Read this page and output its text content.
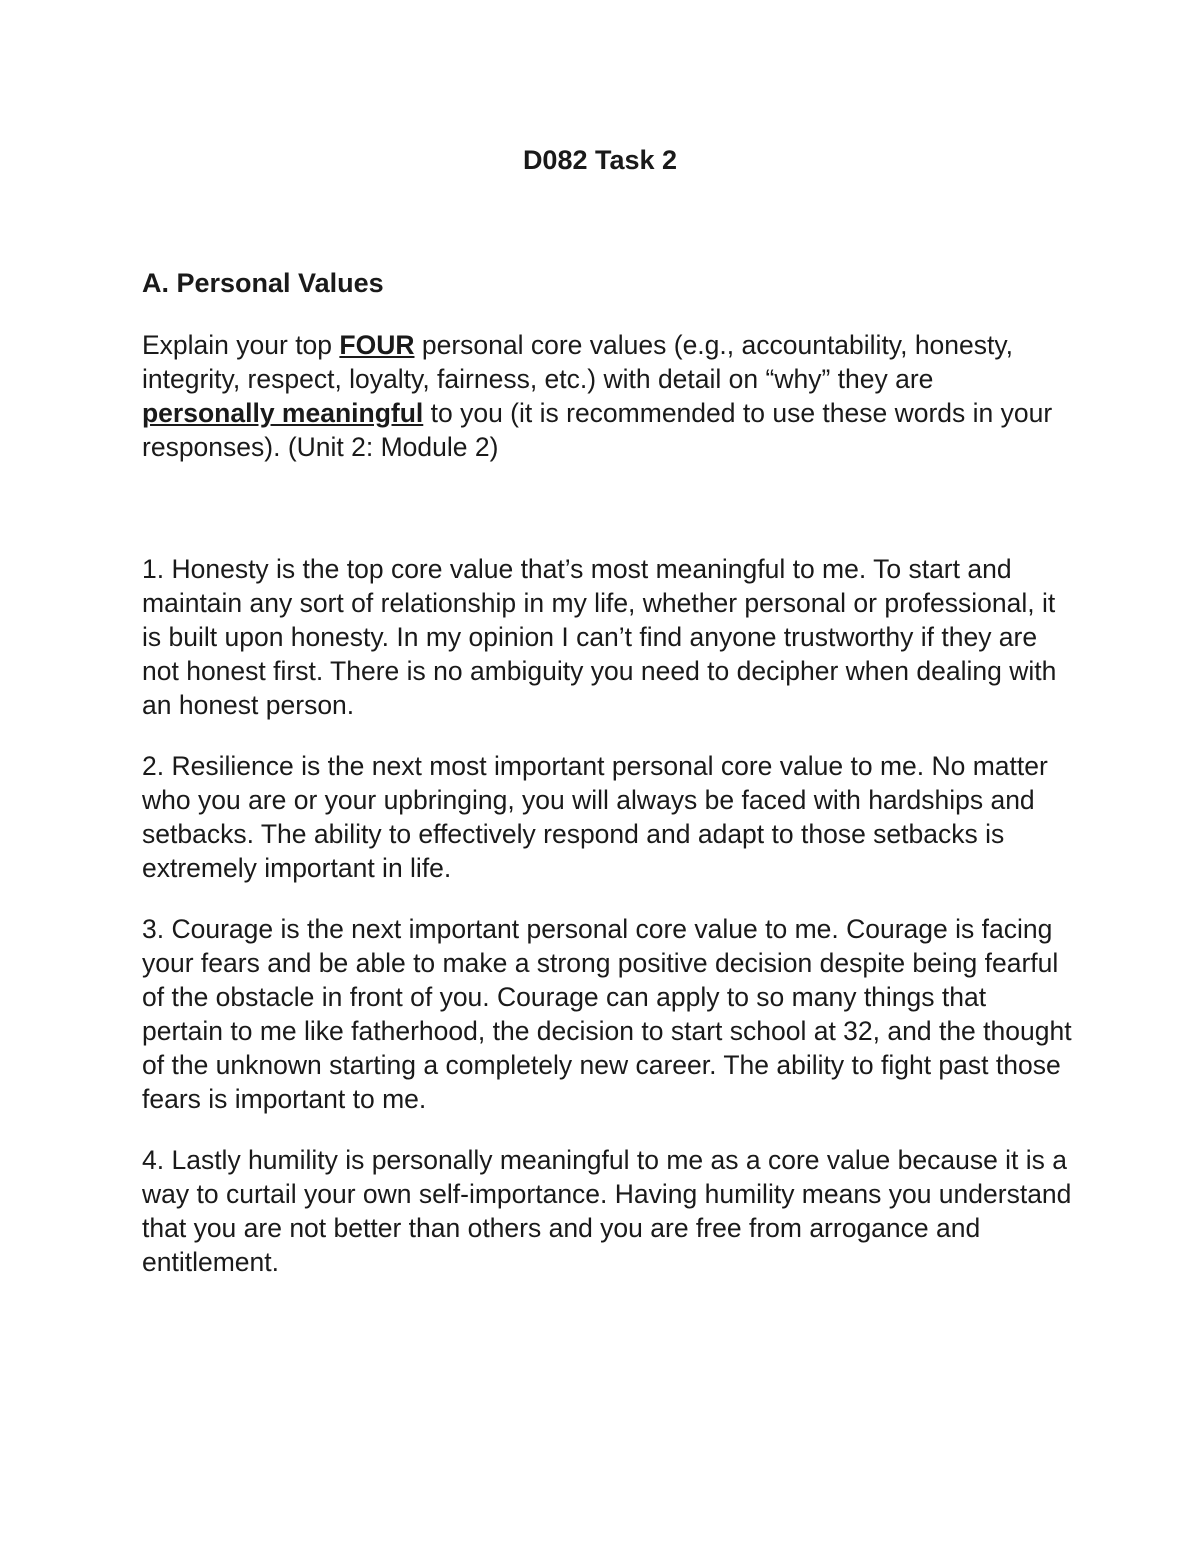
D082 Task 2
A. Personal Values

Explain your top FOUR personal core values (e.g., accountability, honesty, integrity, respect, loyalty, fairness, etc.) with detail on “why” they are personally meaningful to you (it is recommended to use these words in your responses). (Unit 2: Module 2)

1. Honesty is the top core value that’s most meaningful to me. To start and maintain any sort of relationship in my life, whether personal or professional, it is built upon honesty. In my opinion I can’t find anyone trustworthy if they are not honest first. There is no ambiguity you need to decipher when dealing with an honest person.

2. Resilience is the next most important personal core value to me. No matter who you are or your upbringing, you will always be faced with hardships and setbacks. The ability to effectively respond and adapt to those setbacks is extremely important in life.

3. Courage is the next important personal core value to me. Courage is facing your fears and be able to make a strong positive decision despite being fearful of the obstacle in front of you. Courage can apply to so many things that pertain to me like fatherhood, the decision to start school at 32, and the thought of the unknown starting a completely new career. The ability to fight past those fears is important to me.

4. Lastly humility is personally meaningful to me as a core value because it is a way to curtail your own self-importance. Having humility means you understand that you are not better than others and you are free from arrogance and entitlement.
